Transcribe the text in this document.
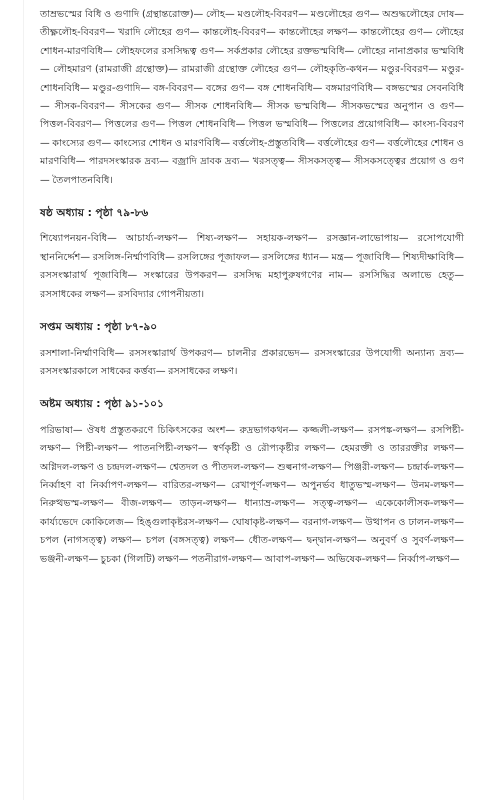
তাম্রভস্মের বিধি ও গুণাদি (গ্রন্থান্তরোক্ত)— লৌহ— মণ্ডলৌহ-বিবরণ— মণ্ডলৌহের গুণ— অশুদ্ধলৌহের দোষ— তীক্ষ্ণলৌহ-বিবরণ— খরাদি লৌহের গুণ— কান্তলৌহ-বিবরণ— কান্তলৌহের লক্ষণ— কান্তলৌহের গুণ— লৌহের শোধন-মারণবিধি— লৌহফলের রসসিদ্ধত্ব গুণ— সর্কপ্রকার লৌহের রক্তভস্মবিধি— লৌহের নানাপ্রকার ভস্মবিধি— লৌহমারণ (রামরাজী গ্রন্থোক্ত)— রামরাজী গ্রন্থোক্ত লৌহের গুণ— লৌহকৃতি-কথন— মণ্ডুর-বিবরণ— মণ্ডুর-শোধনবিধি— মণ্ডুর-গুণাদি— বঙ্গ-বিবরণ— বঙ্গের গুণ— বঙ্গ শোধনবিধি— বঙ্গমারণবিধি— বঙ্গভস্মের সেবনবিধি— সীসক-বিবরণ— সীসকের গুণ— সীসক শোধনবিধি— সীসক ভস্মবিধি— সীসকভস্মের অনুপান ও গুণ— পিত্তল-বিবরণ— পিত্তলের গুণ— পিত্তল শোধনবিধি— পিত্তল ভস্মবিধি— পিত্তলের প্রয়োগবিধি— কাংস্য-বিবরণ— কাংস্যের গুণ— কাংস্যের শোধন ও মারণবিধি— বর্ত্তলৌহ-প্রস্তুতবিধি— বর্ত্তলৌহের গুণ— বর্ত্তলৌহের শোধন ও মারণবিধি— পারদসংস্কারক দ্রব্য— বজ্রাদি দ্রাবক দ্রব্য— খরসত্ত্ব— সীসকসত্ত্ব— সীসকসত্ত্বের প্রয়োগ ও গুণ— তৈলপাতনবিধি।

ষষ্ঠ অধ্যায় : পৃষ্ঠা ৭৯-৮৬

শিষ্যোপনয়ন-বিধি— আচার্য্য-লক্ষণ— শিষ্য-লক্ষণ— সহায়ক-লক্ষণ— রসজ্ঞান-লাভোপায়— রসোপযোগী স্থাননির্দ্দেশ— রসলিঙ্গ-নির্ম্মাণবিধি— রসলিঙ্গের পূজাফল— রসলিঙ্গের ধ্যান— মন্ত্র— পূজাবিধি— শিষ্যদীক্ষাবিধি— রসসংস্কারার্থ পূজাবিধি— সংস্কারের উপকরণ— রসসিদ্ধ মহাপুরুষগণের নাম— রসসিদ্ধির অলাভে হেতু— রসসাধকের লক্ষণ— রসবিদ্যার গোপনীয়তা।

সপ্তম অধ্যায় : পৃষ্ঠা ৮৭-৯০

রসশালা-নির্ম্মাণবিধি— রসসংস্কারার্থ উপকরণ— চালনীর প্রকারভেদ— রসসংস্কারের উপযোগী অন্যান্য দ্রব্য— রসসংস্কারকালে সাধকের কর্ত্তব্য— রসসাধকের লক্ষণ।

অষ্টম অধ্যায় : পৃষ্ঠা ৯১-১০১

পরিভাষা— ঔষধ প্রস্তুতকরণে চিকিৎসকের অংশ— রুদ্রভাগকথন— কজ্জলী-লক্ষণ— রসপঙ্ক-লক্ষণ— রসপিষ্টী-লক্ষণ— পিষ্টী-লক্ষণ— পাতনপিষ্টী-লক্ষণ— স্বর্ণকৃষ্টী ও রৌপ্যকৃষ্টীর লক্ষণ— হেমরক্তী ও তাররক্তীর লক্ষণ— অগ্নিদল-লক্ষণ ও চন্দ্রদল-লক্ষণ— শ্বেতদল ও পীতদল-লক্ষণ— শুল্বনাগ-লক্ষণ— পিঞ্জরী-লক্ষণ— চন্দ্রার্ক-লক্ষণ— নির্ব্বাহণ বা নির্ব্বাপণ-লক্ষণ— বারিতর-লক্ষণ— রেখাপূর্ণ-লক্ষণ— অপুনর্ভব ধাতুভস্ম-লক্ষণ— উনম-লক্ষণ— নিরুত্থভস্ম-লক্ষণ— বীজ-লক্ষণ— তাড়ন-লক্ষণ— ধান্যাভ্র-লক্ষণ— সত্ত্ব-লক্ষণ— একেকোলীসক-লক্ষণ— কার্য্যভেদে কোকিলেজ— হিঙ্গুলাকৃষ্টরস-লক্ষণ— ঘোষাকৃষ্ট-লক্ষণ— বরনাগ-লক্ষণ— উত্থাপন ও ঢালন-লক্ষণ— চপল (নাগসত্ত্ব) লক্ষণ— চপল (বঙ্গসত্ত্ব) লক্ষণ— ধৌত-লক্ষণ— দ্বন্দ্বান-লক্ষণ— অনুবর্ণ ও সুবর্ণ-লক্ষণ— ভঞ্জনী-লক্ষণ— চুচকা (গিলটি) লক্ষণ— পতনীরাগ-লক্ষণ— আবাপ-লক্ষণ— অভিষেক-লক্ষণ— নির্ব্বাপ-লক্ষণ—
